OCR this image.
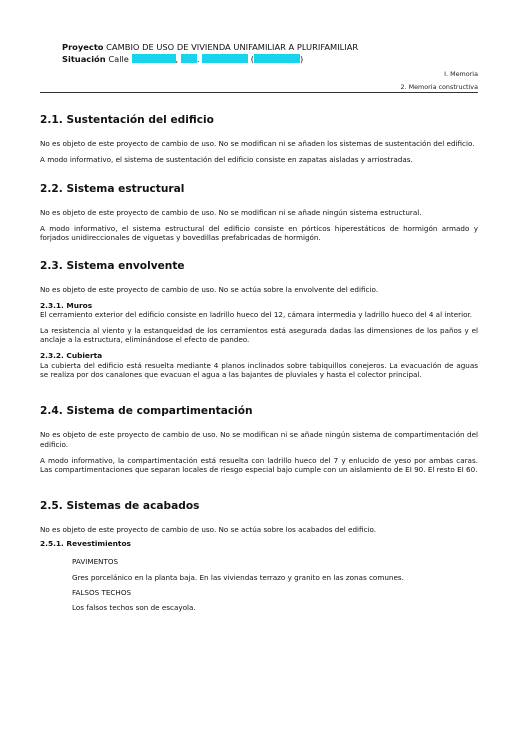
Proyecto CAMBIO DE USO DE VIVIENDA UNIFAMILIAR A PLURIFAMILIAR
Situación Calle	, .	(	)
I. Memoria
2. Memoria constructiva
2.1. Sustentación del edificio

No es objeto de este proyecto de cambio de uso. No se modifican ni se añaden los sistemas de sustentación del edificio.

A modo informativo, el sistema de sustentación del edificio consiste en zapatas aisladas y arriostradas.

2.2. Sistema estructural

No es objeto de este proyecto de cambio de uso. No se modifican ni se añade ningún sistema estructural.

A modo informativo, el sistema estructural del edificio consiste en pórticos hiperestáticos de hormigón armado y forjados unidireccionales de viguetas y bovedillas prefabricadas de hormigón.

2.3. Sistema envolvente

No es objeto de este proyecto de cambio de uso. No se actúa sobre la envolvente del edificio.

2.3.1. Muros

El cerramiento exterior del edificio consiste en ladrillo hueco del 12, cámara intermedia y ladrillo hueco del 4 al interior.

La resistencia al viento y la estanqueidad de los cerramientos está asegurada dadas las dimensiones de los paños y el anclaje a la estructura, eliminándose el efecto de pandeo.

2.3.2. Cubierta

La cubierta del edificio está resuelta mediante 4 planos inclinados sobre tabiquillos conejeros. La evacuación de aguas se realiza por dos canalones que evacuan el agua a las bajantes de pluviales y hasta el colector principal.

2.4. Sistema de compartimentación

No es objeto de este proyecto de cambio de uso. No se modifican ni se añade ningún sistema de compartimentación del edificio.

A modo informativo, la compartimentación está resuelta con ladrillo hueco del 7 y enlucido de yeso por ambas caras. Las compartimentaciones que separan locales de riesgo especial bajo cumple con un aislamiento de EI 90. El resto EI 60.

2.5. Sistemas de acabados

No es objeto de este proyecto de cambio de uso. No se actúa sobre los acabados del edificio.

2.5.1. Revestimientos

PAVIMENTOS

Gres porcelánico en la planta baja. En las viviendas terrazo y granito en las zonas comunes.

FALSOS TECHOS

Los falsos techos son de escayola.
